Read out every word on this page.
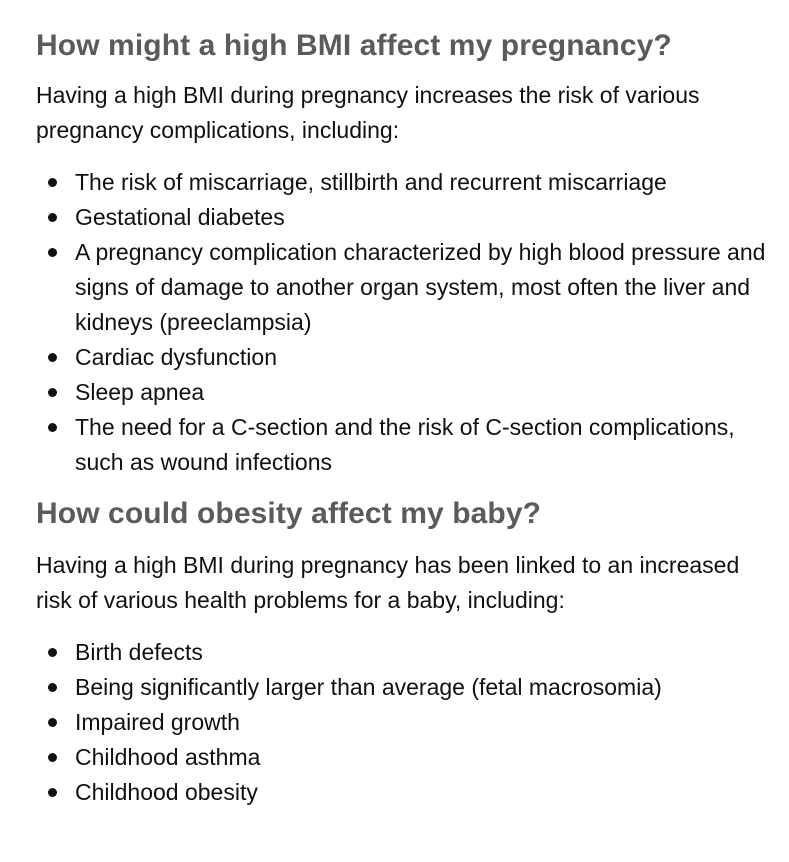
How might a high BMI affect my pregnancy?

Having a high BMI during pregnancy increases the risk of various pregnancy complications, including:

The risk of miscarriage, stillbirth and recurrent miscarriage
Gestational diabetes
A pregnancy complication characterized by high blood pressure and signs of damage to another organ system, most often the liver and kidneys (preeclampsia)
Cardiac dysfunction
Sleep apnea
The need for a C-section and the risk of C-section complications, such as wound infections
How could obesity affect my baby?

Having a high BMI during pregnancy has been linked to an increased risk of various health problems for a baby, including:

Birth defects
Being significantly larger than average (fetal macrosomia)
Impaired growth
Childhood asthma
Childhood obesity
